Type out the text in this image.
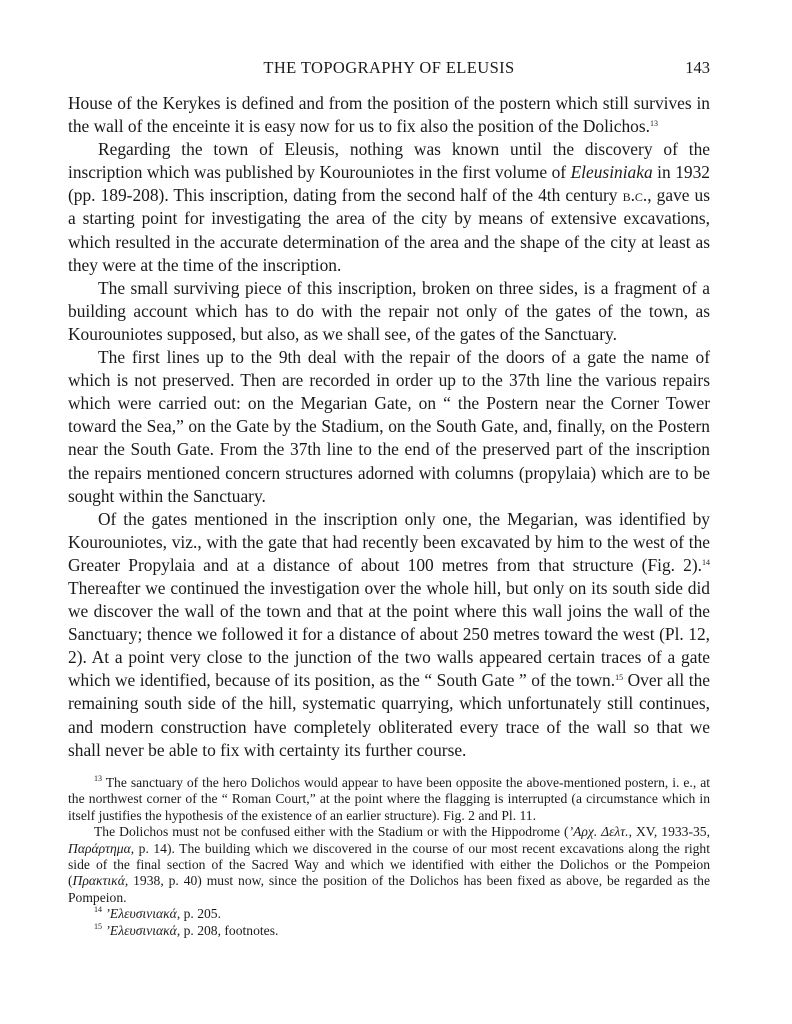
THE TOPOGRAPHY OF ELEUSIS	143

House of the Kerykes is defined and from the position of the postern which still survives in the wall of the enceinte it is easy now for us to fix also the position of the Dolichos.$^{13}$

Regarding the town of Eleusis, nothing was known until the discovery of the inscription which was published by Kourouniotes in the first volume of Eleusiniaka in 1932 (pp. 189-208). This inscription, dating from the second half of the 4th century b.c., gave us a starting point for investigating the area of the city by means of extensive excavations, which resulted in the accurate determination of the area and the shape of the city at least as they were at the time of the inscription.

The small surviving piece of this inscription, broken on three sides, is a fragment of a building account which has to do with the repair not only of the gates of the town, as Kourouniotes supposed, but also, as we shall see, of the gates of the Sanctuary.

The first lines up to the 9th deal with the repair of the doors of a gate the name of which is not preserved. Then are recorded in order up to the 37th line the various repairs which were carried out: on the Megarian Gate, on “ the Postern near the Corner Tower toward the Sea,” on the Gate by the Stadium, on the South Gate, and, finally, on the Postern near the South Gate. From the 37th line to the end of the preserved part of the inscription the repairs mentioned concern structures adorned with columns (propylaia) which are to be sought within the Sanctuary.

Of the gates mentioned in the inscription only one, the Megarian, was identified by Kourouniotes, viz., with the gate that had recently been excavated by him to the west of the Greater Propylaia and at a distance of about 100 metres from that structure (Fig. 2).$^{14}$ Thereafter we continued the investigation over the whole hill, but only on its south side did we discover the wall of the town and that at the point where this wall joins the wall of the Sanctuary; thence we followed it for a distance of about 250 metres toward the west (Pl. 12, 2). At a point very close to the junction of the two walls appeared certain traces of a gate which we identified, because of its position, as the “ South Gate ” of the town.$^{15}$ Over all the remaining south side of the hill, systematic quarrying, which unfortunately still continues, and modern construction have completely obliterated every trace of the wall so that we shall never be able to fix with certainty its further course.

$^{13}$ The sanctuary of the hero Dolichos would appear to have been opposite the above-mentioned postern, i. e., at the northwest corner of the “ Roman Court,” at the point where the flagging is interrupted (a circumstance which in itself justifies the hypothesis of the existence of an earlier structure). Fig. 2 and Pl. 11.

The Dolichos must not be confused either with the Stadium or with the Hippodrome (’Αρχ. Δελτ., XV, 1933-35, Παράρτημα, p. 14). The building which we discovered in the course of our most recent excavations along the right side of the final section of the Sacred Way and which we identified with either the Dolichos or the Pompeion (Πρακτικά, 1938, p. 40) must now, since the position of the Dolichos has been fixed as above, be regarded as the Pompeion.

$^{14}$ ’Ελευσινιακά, p. 205.

$^{15}$ ’Ελευσινιακά, p. 208, footnotes.
